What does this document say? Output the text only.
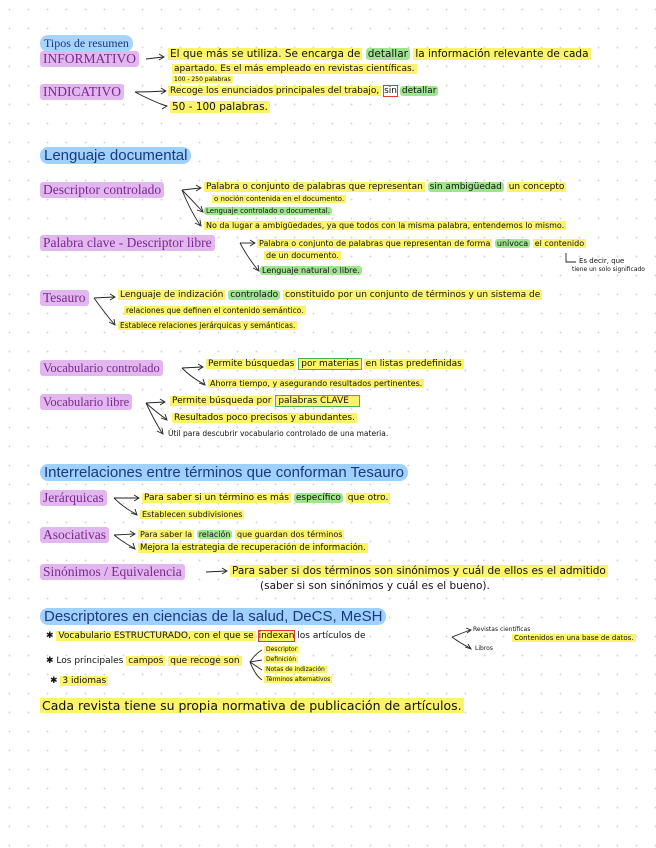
Tipos de resumen
INFORMATIVO	El que más se utiliza. Se encarga de detallar la información relevante de cada
apartado. Es el más empleado en revistas científicas.
100 - 250 palabras
INDICATIVO	Recoge los enunciados principales del trabajo, sin detallar
50 - 100 palabras.
Lenguaje documental
Descriptor controlado	Palabra o conjunto de palabras que representan sin ambigüedad un concepto
o noción contenida en el documento.
Lenguaje controlado o documental.
No da lugar a ambigüedades, ya que todos con la misma palabra, entendemos lo mismo.
Palabra clave - Descriptor libre	Palabra o conjunto de palabras que representan de forma unívoca el contenido
de un documento.
Lenguaje natural o libre.
Es decir, que
tiene un solo significado
Tesauro	Lenguaje de indización controlado constituido por un conjunto de términos y un sistema de
relaciones que definen el contenido semántico.
Establece relaciones jerárquicas y semánticas.
Vocabulario controlado	Permite búsquedas por materias en listas predefinidas
Ahorra tiempo, y asegurando resultados pertinentes.
Vocabulario libre	Permite búsqueda por palabras CLAVE
Resultados poco precisos y abundantes.
Útil para descubrir vocabulario controlado de una materia.
Interrelaciones entre términos que conforman Tesauro
Jerárquicas	Para saber si un término es más específico que otro.
Establecen subdivisiones
Asociativas	Para saber la relación que guardan dos términos
Mejora la estrategia de recuperación de información.
Sinónimos / Equivalencia	Para saber si dos términos son sinónimos y cuál de ellos es el admitido
(saber si son sinónimos y cuál es el bueno).
Descriptores en ciencias de la salud, DeCS, MeSH
✱ Vocabulario ESTRUCTURADO, con el que se indexan los artículos de
Revistas científicas
Libros
Contenidos en una base de datos.
✱ Los principales campos que recoge son
Descriptor
Definición
Notas de indización
Términos alternativos
✱ 3 idiomas
Cada revista tiene su propia normativa de publicación de artículos.
